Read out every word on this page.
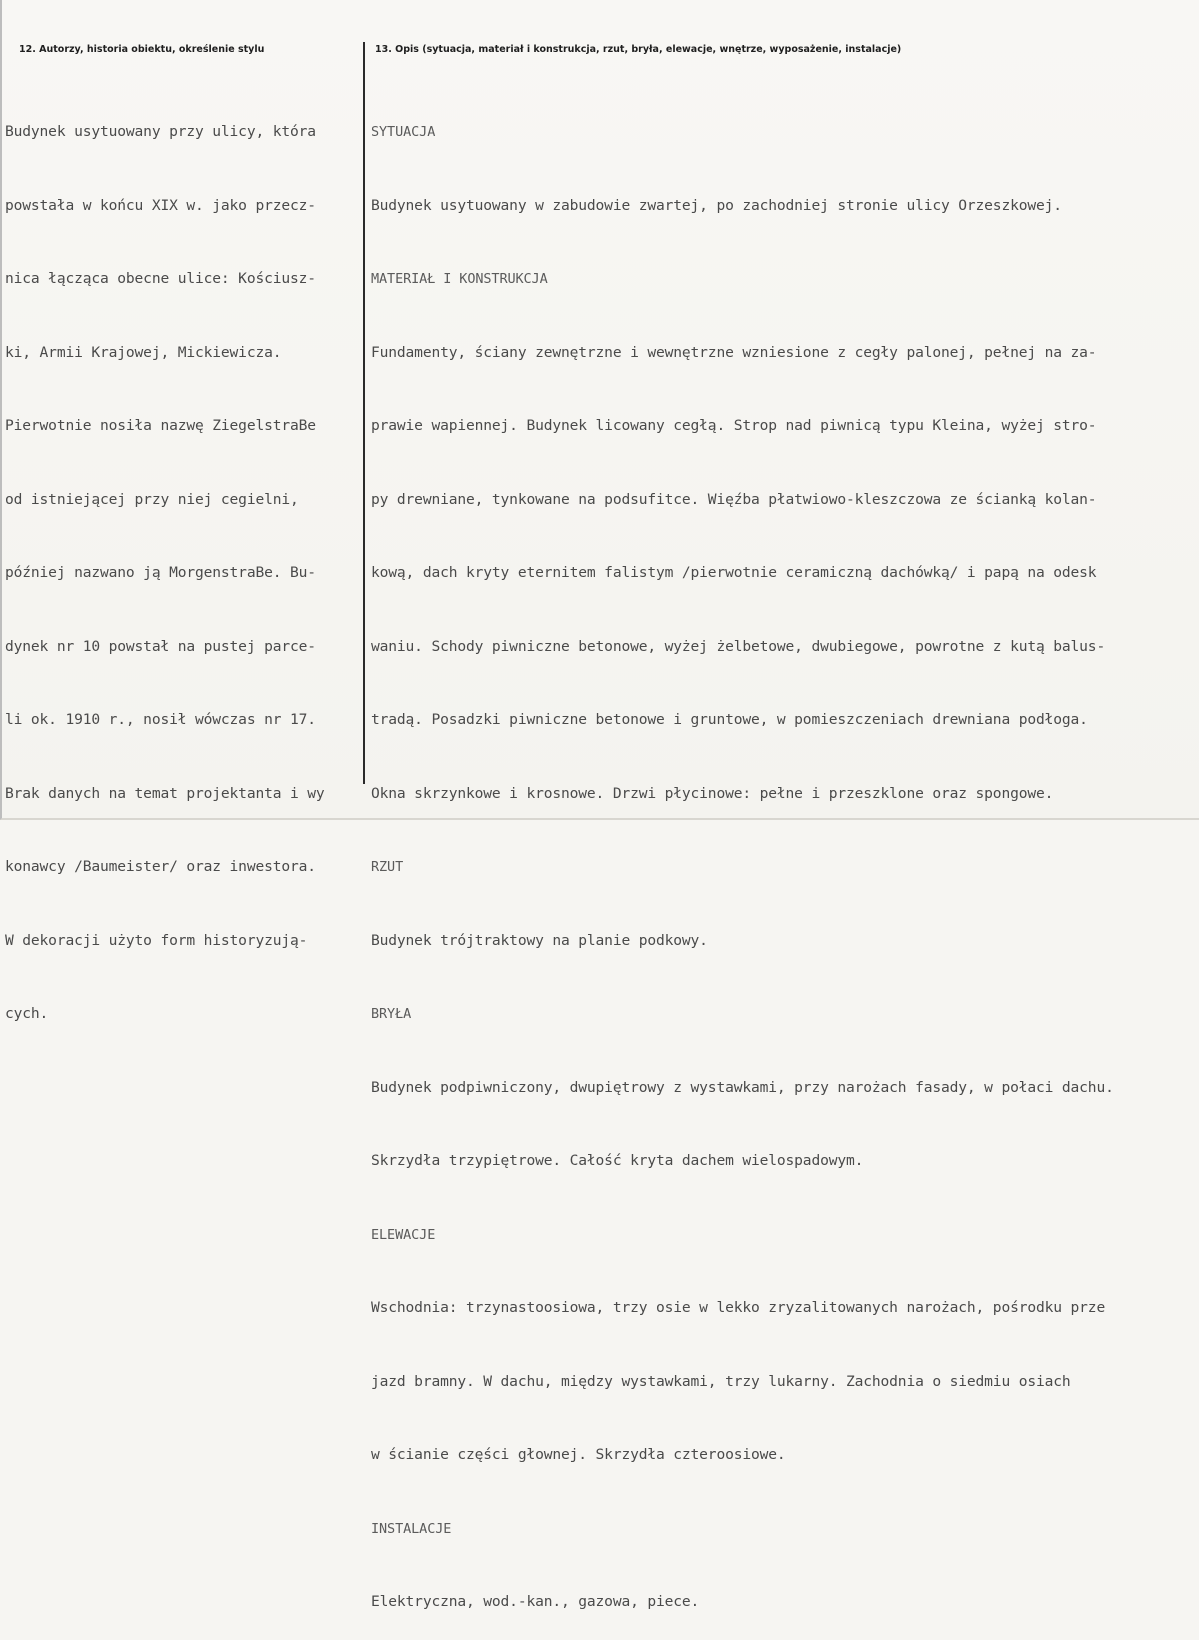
12. Autorzy, historia obiektu, określenie stylu	13. Opis (sytuacja, materiał i konstrukcja, rzut, bryła, elewacje, wnętrze, wyposażenie, instalacje)

Budynek usytuowany przy ulicy, która

powstała w końcu XIX w. jako przecz-

nica łącząca obecne ulice: Kościusz-

ki, Armii Krajowej, Mickiewicza.

Pierwotnie nosiła nazwę ZiegelstraBe

od istniejącej przy niej cegielni,

później nazwano ją MorgenstraBe. Bu-

dynek nr 10 powstał na pustej parce-

li ok. 1910 r., nosił wówczas nr 17.

Brak danych na temat projektanta i wy

konawcy /Baumeister/ oraz inwestora.

W dekoracji użyto form historyzują-

cych.

SYTUACJA

Budynek usytuowany w zabudowie zwartej, po zachodniej stronie ulicy Orzeszkowej.

MATERIAŁ I KONSTRUKCJA

Fundamenty, ściany zewnętrzne i wewnętrzne wzniesione z cegły palonej, pełnej na za-

prawie wapiennej. Budynek licowany cegłą. Strop nad piwnicą typu Kleina, wyżej stro-

py drewniane, tynkowane na podsufitce. Więźba płatwiowo-kleszczowa ze ścianką kolan-

kową, dach kryty eternitem falistym /pierwotnie ceramiczną dachówką/ i papą na odesk

waniu. Schody piwniczne betonowe, wyżej żelbetowe, dwubiegowe, powrotne z kutą balus-

tradą. Posadzki piwniczne betonowe i gruntowe, w pomieszczeniach drewniana podłoga.

Okna skrzynkowe i krosnowe. Drzwi płycinowe: pełne i przeszklone oraz spongowe.

RZUT

Budynek trójtraktowy na planie podkowy.

BRYŁA

Budynek podpiwniczony, dwupiętrowy z wystawkami, przy narożach fasady, w połaci dachu.

Skrzydła trzypiętrowe. Całość kryta dachem wielospadowym.

ELEWACJE

Wschodnia: trzynastoosiowa, trzy osie w lekko zryzalitowanych narożach, pośrodku prze

jazd bramny. W dachu, między wystawkami, trzy lukarny. Zachodnia o siedmiu osiach

w ścianie części głownej. Skrzydła czteroosiowe.

INSTALACJE

Elektryczna, wod.-kan., gazowa, piece.
